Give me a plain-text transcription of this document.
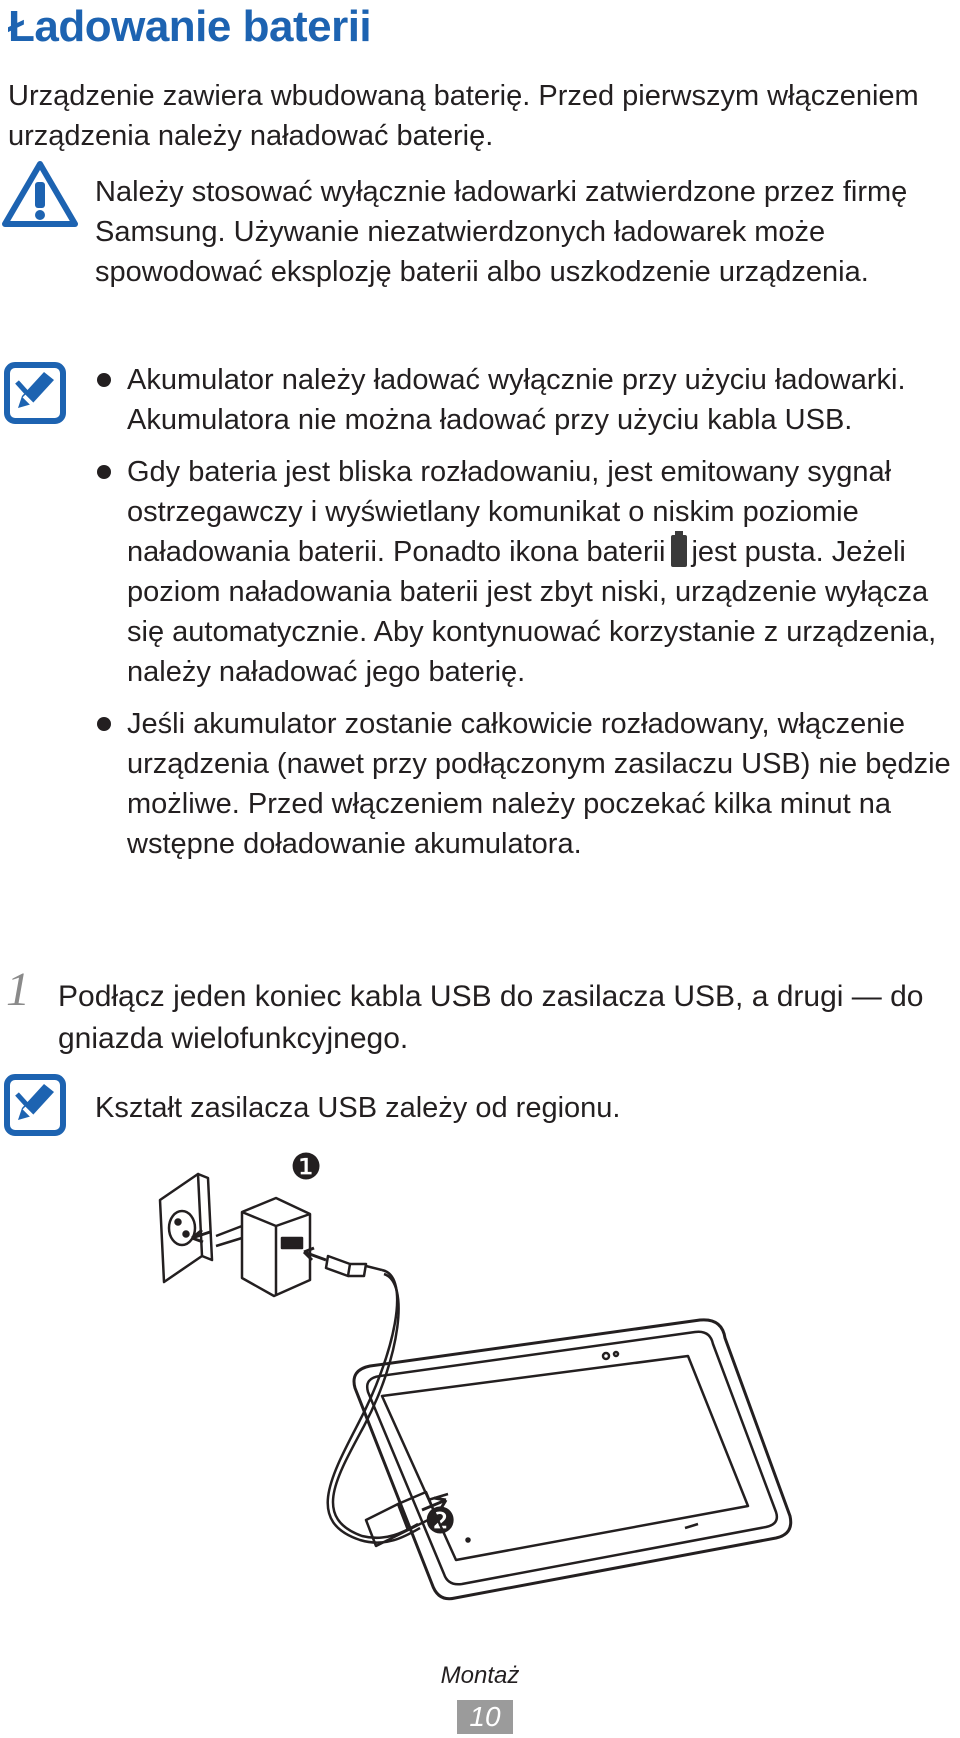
Ładowanie baterii

Urządzenie zawiera wbudowaną baterię. Przed pierwszym włączeniem urządzenia należy naładować baterię.

Należy stosować wyłącznie ładowarki zatwierdzone przez firmę Samsung. Używanie niezatwierdzonych ładowarek może spowodować eksplozję baterii albo uszkodzenie urządzenia.

Akumulator należy ładować wyłącznie przy użyciu ładowarki. Akumulatora nie można ładować przy użyciu kabla USB.
Gdy bateria jest bliska rozładowaniu, jest emitowany sygnał ostrzegawczy i wyświetlany komunikat o niskim poziomie naładowania baterii. Ponadto ikona baterii jest pusta. Jeżeli poziom naładowania baterii jest zbyt niski, urządzenie wyłącza się automatycznie. Aby kontynuować korzystanie z urządzenia, należy naładować jego baterię.
Jeśli akumulator zostanie całkowicie rozładowany, włączenie urządzenia (nawet przy podłączonym zasilaczu USB) nie będzie możliwe. Przed włączeniem należy poczekać kilka minut na wstępne doładowanie akumulatora.
1 Podłącz jeden koniec kabla USB do zasilacza USB, a drugi — do gniazda wielofunkcyjnego.

Kształt zasilacza USB zależy od regionu.

❶
❷
Montaż
10
